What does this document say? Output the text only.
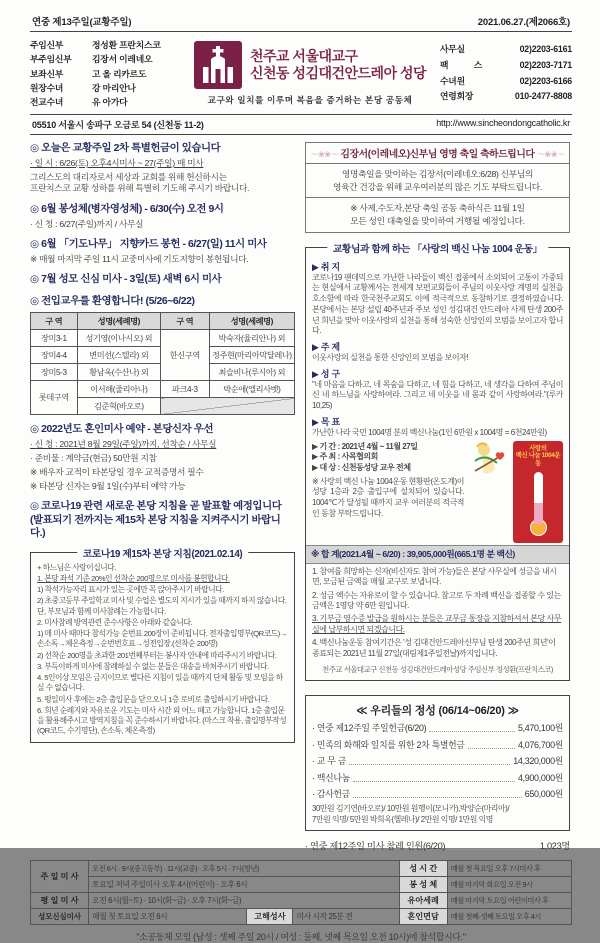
연중 제13주일(교황주일)	2021.06.27.(제2066호)
주임신부	정성환 프란치스코
부주임신부	김장서 이레네오
보좌신부	고 올 리카르도
원장수녀	강 마리안나
전교수녀	유 아가다
천주교 서울대교구
신천동 성김대건안드레아 성당
교구와 일치를 이루며 복음을 증거하는 본당 공동체
사무실	02)2203-6161
팩 스	02)2203-7171
수녀원	02)2203-6166
연령회장	010-2477-8808
05510 서울시 송파구 오금로 54 (신천동 11-2)	http://www.sincheondongcatholic.kr
◎ 오늘은 교황주일 2차 특별헌금이 있습니다
· 일 시 : 6/26(토) 오후4시미사 ~ 27(주일) 매 미사
그리스도의 대리자로서 세상과 교회를 위해 헌신하시는
프란치스코 교황 성하를 위해 특별히 기도해 주시기 바랍니다.
◎ 6월 봉성체(병자영성체) - 6/30(수) 오전 9시
· 신 청 : 6/27(주일)까지 / 사무실
◎ 6월 「기도나무」 지향카드 봉헌 - 6/27(일) 11시 미사
※ 매월 마지막 주일 11시 교중미사에 기도지향이 봉헌됩니다.
◎ 7월 성모 신심 미사 - 3일(토) 새벽 6시 미사
◎ 전입교우를 환영합니다! (5/26~6/22)
구 역	성명(세례명)	구 역	성명(세례명)
장미3-1	성기영(이나시오) 외	한신구역	박숙자(율리안나) 외
장미4-4	변미선(스텔라) 외		정주현(마리아막달레나)
장미5-3	황남옥(수산나) 외		최슬비나(루시아) 외
롯데구역	이서해(줄리아나)	파크4-3	박순애(엘리사벳)
	김준혁(바오로)		
◎ 2022년도 혼인미사 예약 - 본당신자 우선
· 신 청 : 2021년 8월 29일(주일)까지, 선착순 / 사무실
· 준비물 : 계약금(현금) 50만원 지참
※ 배우자 교적이 타본당일 경우 교적증명서 필수
※ 타본당 신자는 9월 1일(수)부터 예약 가능
◎ 코로나19 관련 새로운 본당 지침을 곧 발표할 예정입니다
(발표되기 전까지는 제15차 본당 지침을 지켜주시기 바랍니다.)
코로나19 제15차 본당 지침(2021.02.14)
+ 하느님은 사랑이십니다.
1. 본당 좌석 기준 20%인 선착순 200명으로 미사를 봉헌합니다.
1) 착석가능자리 표시가 있는 곳에만 꼭 앉아주시기 바랍니다.
2) 초중고등부 주일학교 미사 및 수업은 별도의 지시가 있을 때까지 하지 않습니다. 단, 부모님과 함께 미사참례는 가능합니다.
2. 미사참례 방역관련 준수사항은 아래와 같습니다.
1) 매 미사 때마다 참석가능 순번표 200장이 준비됩니다. 전자출입명부(QR코드)→손소독→체온측정→순번번호표→성전입장.(선착순 200명)
2) 선착순 200명을 초과한 201번째부터는 봉사자 안내에 따라주시기 바랍니다.
3. 부득이하게 미사에 참례하실 수 없는 분들은 대송을 바쳐주시기 바랍니다.
4. 5인이상 모임은 금지이므로 별다른 지침이 있을 때까지 단체 활동 및 모임을 하실 수 없습니다.
5. 평일미사 후에는 2층 출입문을 닫으오니 1층 로비로 출입하시기 바랍니다.
6. 희년 순례지와 자유로운 기도는 미사 시간 외 어느 때고 가능합니다. 1층 출입문을 활용해주시고 방역지침을 꼭 준수하시기 바랍니다. (마스크 착용, 출입명부작성(QR코드, 수기명단), 손소독, 체온측정)
～❀❀～ 김장서(이레네오)신부님 영명 축일 축하드립니다 ～❀❀～
영명축일을 맞이하는 김장서(이레네오:6/28) 신부님의
영육간 건강을 위해 교우여러분의 많은 기도 부탁드립니다.
※ 사제,수도자,본당 축일 공동 축하식은 11월 1일
모든 성인 대축일을 맞이하여 거행될 예정입니다.
교황님과 함께 하는 「사랑의 백신 나눔 1004 운동」
▶ 취 지
코로나19 팬데믹으로 가난한 나라들이 백신 접종에서 소외되어 고통이 가중되는 현실에서 교황께서는 전세계 보편교회들이 주님의 이웃사랑 계명의 실천을 호소함에 따라 한국천주교회도 이에 적극적으로 동참하기로 결정하였습니다. 본당에서는 본당 설립 40주년과 주보 성인 성김대건 안드레아 사제 탄생 200주년 희년을 맞아 이웃사랑의 실천을 통해 성숙한 신앙인의 모범을 보이고자 합니다.
▶ 주 제
이웃사랑의 실천을 통한 신앙인의 모범을 보이자!
▶ 성 구
"네 마음을 다하고, 네 목숨을 다하고, 네 힘을 다하고, 네 생각을 다하여 주님이신 네 하느님을 사랑하여라. 그리고 네 이웃을 네 몸과 같이 사랑하여라."(루카 10,25)
▶ 목 표
가난한 나라 국민 1004명 분의 백신나눔(1인 6만원 x 1004명 = 6천24만원)
사랑의
백신 나눔 1004운동
▶ 기 간 : 2021년 4월 ~ 11월 27일
▶ 주 최 : 사목협의회
▶ 대 상 : 신천동성당 교우 전체
※ 사랑의 백신 나눔 1004운동 현황판(온도계)이 성당 1층과 2층 출입구에 설치되어 있습니다. 1004℃가 달성될 때까지 교우 여러분의 적극적인 동참 부탁드립니다.
※ 합 계(2021.4월 ~ 6/20) : 39,905,000원(665.1명 분 백신)
1. 참여를 희망하는 신자(비신자도 참여 가능)들은 본당 사무실에 성금을 내시면, 모금된 금액을 매월 교구로 보냅니다.
2. 성금 액수는 자유로이 할 수 있습니다. 참고로 두 차례 백신을 접종할 수 있는 금액은 1명당 약 6만 원입니다.
3. 기부금 영수증 발급을 원하시는 분들은 교무금 통장을 지참하셔서 본당 사무실에 납부하시면 되겠습니다.
4. 백신나눔운동 참여기간은 '성 김대건안드레아신부님 탄생 200주년 희년'이 종료되는 2021년 11월 27일(대림제1주일전날)까지입니다.
천주교 서울대교구 신천동 성김대건안드레아성당 주임신부 정성환(프란치스코)
≪ 우리들의 정성 (06/14~06/20) ≫
· 연중 제12주일 주일헌금(6/20)	5,470,100원
· 민족의 화해와 일치를 위한 2차 특별헌금	4,076,700원
· 교 무 금	14,320,000원
· 백신나눔	4,900,000원
· 감사헌금	650,000원
30만원 김기연(바오로)/ 10만원 원행이(모니카),박양순(마리아)/
7만원 익명/ 5만원 박희옥(헬레나)/ 2만원 익명/ 1만원 익명
· 연중 제12주일 미사 참례 인원(6/20)	1,023명
주 일 미 사	오전 6시 · 9시(중고등부) · 11시(교중) · 오후 5시 · 7시(청년)			성 시 간	매월 첫 목요일 오후 7시미사 후
	토요일 저녁 주일미사 오후 4시(어린이) · 오후 6시			봉 성 체	매월 마지막 화요일 오전 9시
평 일 미 사	오전 6시(월~토) · 10시(화~금) · 오후 7시(화~금)			유아세례	매월 마지막 토요일 어린이미사 후
성모신심미사	매월 첫 토요일 오전 6시	고해성사	미사 시작 25분 전	혼인면담	매월 첫째·셋째 토요일 오후 4시
"소공동체 모임 (남성 : 셋째 주일 20시 / 여성 : 둘째, 넷째 목요일 오전 10시)에 참석합시다."
